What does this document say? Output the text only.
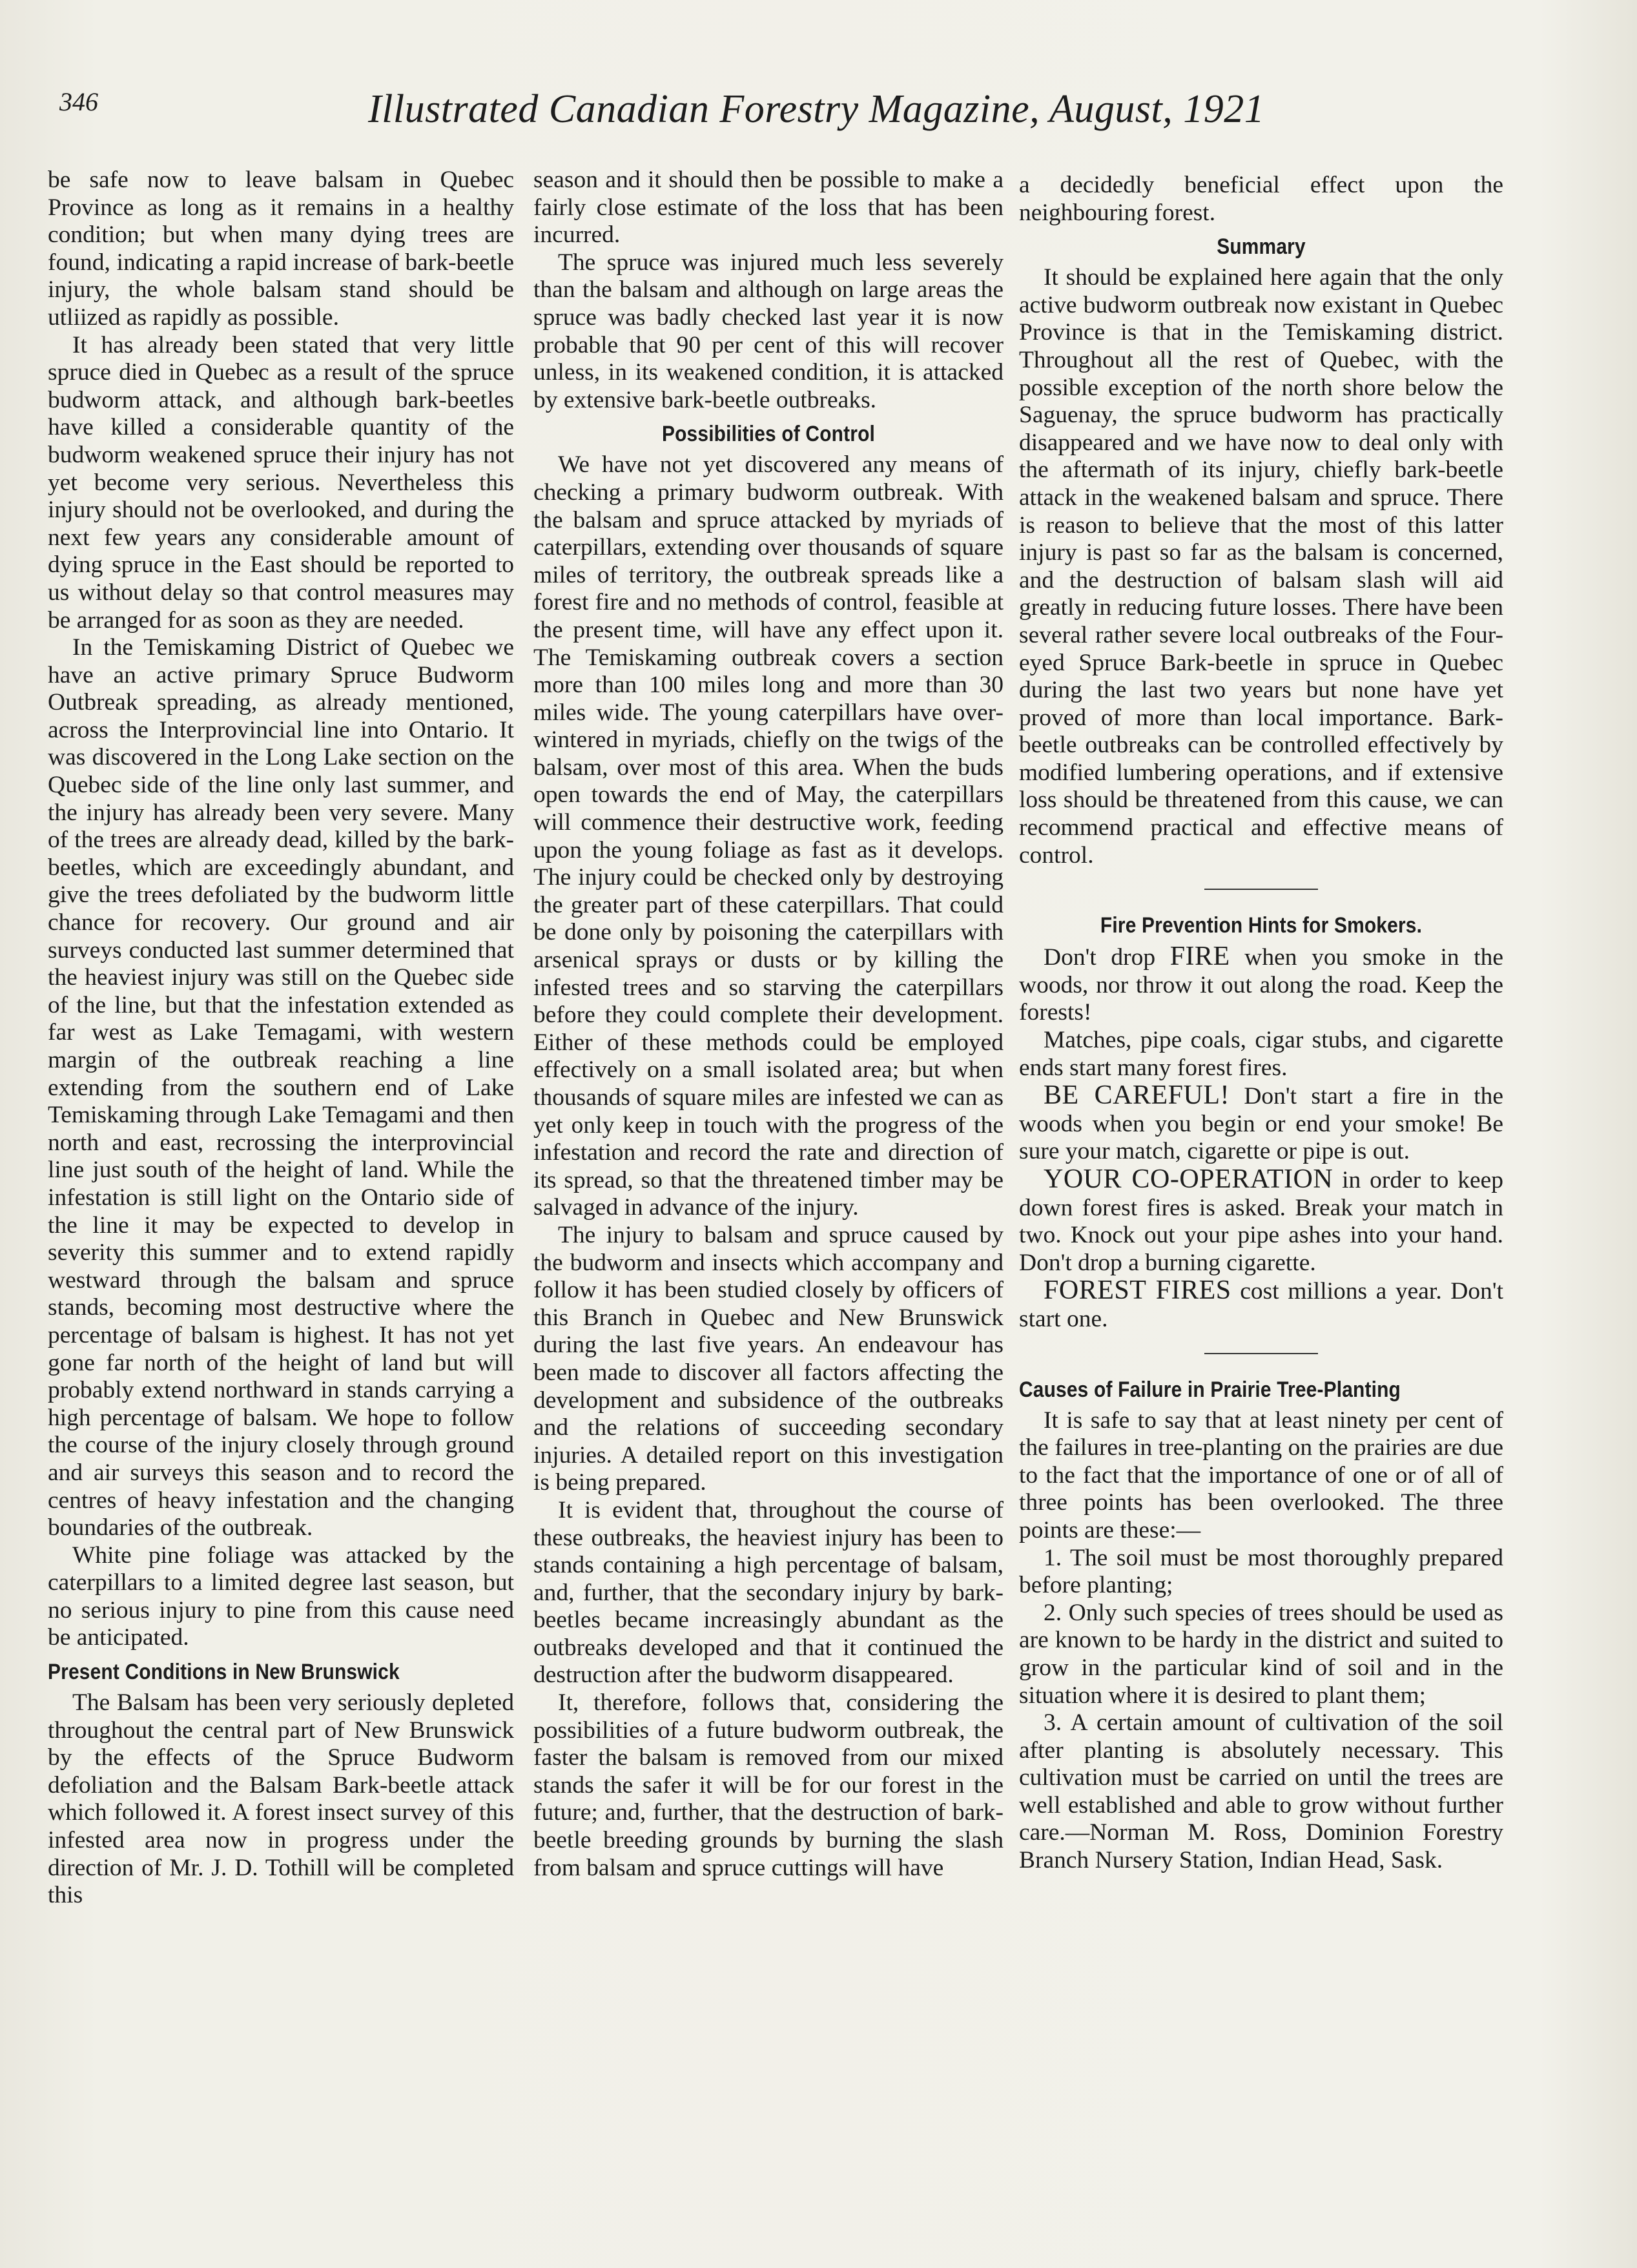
346	Illustrated Canadian Forestry Magazine, August, 1921

be safe now to leave balsam in Quebec Province as long as it remains in a healthy condition; but when many dying trees are found, indicating a rapid increase of bark-beetle injury, the whole balsam stand should be utliized as rapidly as possible.

It has already been stated that very little spruce died in Quebec as a result of the spruce budworm attack, and although bark-beetles have killed a considerable quantity of the budworm weakened spruce their injury has not yet become very serious. Nevertheless this injury should not be overlooked, and during the next few years any considerable amount of dying spruce in the East should be reported to us without delay so that control measures may be arranged for as soon as they are needed.

In the Temiskaming District of Quebec we have an active primary Spruce Budworm Outbreak spreading, as already mentioned, across the Interprovincial line into Ontario. It was discovered in the Long Lake section on the Quebec side of the line only last summer, and the injury has already been very severe. Many of the trees are already dead, killed by the bark-beetles, which are exceedingly abundant, and give the trees defoliated by the budworm little chance for recovery. Our ground and air surveys conducted last summer determined that the heaviest injury was still on the Quebec side of the line, but that the infestation extended as far west as Lake Temagami, with western margin of the outbreak reaching a line extending from the southern end of Lake Temiskaming through Lake Temagami and then north and east, recrossing the interprovincial line just south of the height of land. While the infestation is still light on the Ontario side of the line it may be expected to develop in severity this summer and to extend rapidly westward through the balsam and spruce stands, becoming most destructive where the percentage of balsam is highest. It has not yet gone far north of the height of land but will probably extend northward in stands carrying a high percentage of balsam. We hope to follow the course of the injury closely through ground and air surveys this season and to record the centres of heavy infestation and the changing boundaries of the outbreak.

White pine foliage was attacked by the caterpillars to a limited degree last season, but no serious injury to pine from this cause need be anticipated.

Present Conditions in New Brunswick

The Balsam has been very seriously depleted throughout the central part of New Brunswick by the effects of the Spruce Budworm defoliation and the Balsam Bark-beetle attack which followed it. A forest insect survey of this infested area now in progress under the direction of Mr. J. D. Tothill will be completed this

season and it should then be possible to make a fairly close estimate of the loss that has been incurred.

The spruce was injured much less severely than the balsam and although on large areas the spruce was badly checked last year it is now probable that 90 per cent of this will recover unless, in its weakened condition, it is attacked by extensive bark-beetle outbreaks.

Possibilities of Control

We have not yet discovered any means of checking a primary budworm outbreak. With the balsam and spruce attacked by myriads of caterpillars, extending over thousands of square miles of territory, the outbreak spreads like a forest fire and no methods of control, feasible at the present time, will have any effect upon it. The Temiskaming outbreak covers a section more than 100 miles long and more than 30 miles wide. The young caterpillars have over-wintered in myriads, chiefly on the twigs of the balsam, over most of this area. When the buds open towards the end of May, the caterpillars will commence their destructive work, feeding upon the young foliage as fast as it develops. The injury could be checked only by destroying the greater part of these caterpillars. That could be done only by poisoning the caterpillars with arsenical sprays or dusts or by killing the infested trees and so starving the caterpillars before they could complete their development. Either of these methods could be employed effectively on a small isolated area; but when thousands of square miles are infested we can as yet only keep in touch with the progress of the infestation and record the rate and direction of its spread, so that the threatened timber may be salvaged in advance of the injury.

The injury to balsam and spruce caused by the budworm and insects which accompany and follow it has been studied closely by officers of this Branch in Quebec and New Brunswick during the last five years. An endeavour has been made to discover all factors affecting the development and subsidence of the outbreaks and the relations of succeeding secondary injuries. A detailed report on this investigation is being prepared.

It is evident that, throughout the course of these outbreaks, the heaviest injury has been to stands containing a high percentage of balsam, and, further, that the secondary injury by bark-beetles became increasingly abundant as the outbreaks developed and that it continued the destruction after the budworm disappeared.

It, therefore, follows that, considering the possibilities of a future budworm outbreak, the faster the balsam is removed from our mixed stands the safer it will be for our forest in the future; and, further, that the destruction of bark-beetle breeding grounds by burning the slash from balsam and spruce cuttings will have

a decidedly beneficial effect upon the neighbouring forest.

Summary

It should be explained here again that the only active budworm outbreak now existant in Quebec Province is that in the Temiskaming district. Throughout all the rest of Quebec, with the possible exception of the north shore below the Saguenay, the spruce budworm has practically disappeared and we have now to deal only with the aftermath of its injury, chiefly bark-beetle attack in the weakened balsam and spruce. There is reason to believe that the most of this latter injury is past so far as the balsam is concerned, and the destruction of balsam slash will aid greatly in reducing future losses. There have been several rather severe local outbreaks of the Four-eyed Spruce Bark-beetle in spruce in Quebec during the last two years but none have yet proved of more than local importance. Bark-beetle outbreaks can be controlled effectively by modified lumbering operations, and if extensive loss should be threatened from this cause, we can recommend practical and effective means of control.

Fire Prevention Hints for Smokers.

Don't drop FIRE when you smoke in the woods, nor throw it out along the road. Keep the forests!

Matches, pipe coals, cigar stubs, and cigarette ends start many forest fires.

BE CAREFUL! Don't start a fire in the woods when you begin or end your smoke! Be sure your match, cigarette or pipe is out.

YOUR CO-OPERATION in order to keep down forest fires is asked. Break your match in two. Knock out your pipe ashes into your hand. Don't drop a burning cigarette.

FOREST FIRES cost millions a year. Don't start one.

Causes of Failure in Prairie Tree-Planting

It is safe to say that at least ninety per cent of the failures in tree-planting on the prairies are due to the fact that the importance of one or of all of three points has been overlooked. The three points are these:—

1. The soil must be most thoroughly prepared before planting;

2. Only such species of trees should be used as are known to be hardy in the district and suited to grow in the particular kind of soil and in the situation where it is desired to plant them;

3. A certain amount of cultivation of the soil after planting is absolutely necessary. This cultivation must be carried on until the trees are well established and able to grow without further care.—Norman M. Ross, Dominion Forestry Branch Nursery Station, Indian Head, Sask.
